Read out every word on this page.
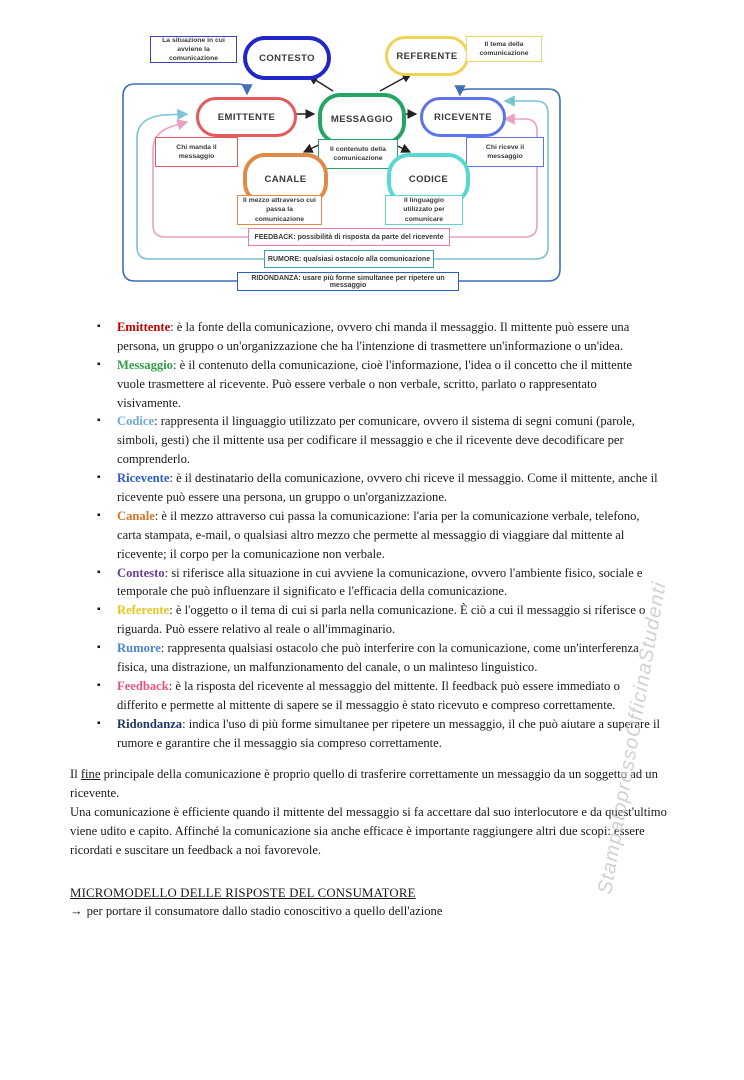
La situazione in cui avviene la comunicazione	CONTESTO	REFERENTE
Il tema della comunicazione
EMITTENTE	MESSAGGIO	RICEVENTE
Chi manda il messaggio
Il contenuto della comunicazione
Chi riceve il messaggio
CANALE	CODICE
Il mezzo attraverso cui passa la comunicazione
Il linguaggio utilizzato per comunicare
FEEDBACK: possibilità di risposta da parte del ricevente
RUMORE: qualsiasi ostacolo alla comunicazione
RIDONDANZA: usare più forme simultanee per ripetere un messaggio
▪ Emittente: è la fonte della comunicazione, ovvero chi manda il messaggio. Il mittente può essere una persona, un gruppo o un'organizzazione che ha l'intenzione di trasmettere un'informazione o un'idea.
▪ Messaggio: è il contenuto della comunicazione, cioè l'informazione, l'idea o il concetto che il mittente vuole trasmettere al ricevente. Può essere verbale o non verbale, scritto, parlato o rappresentato visivamente.
▪ Codice: rappresenta il linguaggio utilizzato per comunicare, ovvero il sistema di segni comuni (parole, simboli, gesti) che il mittente usa per codificare il messaggio e che il ricevente deve decodificare per comprenderlo.
▪ Ricevente: è il destinatario della comunicazione, ovvero chi riceve il messaggio. Come il mittente, anche il ricevente può essere una persona, un gruppo o un'organizzazione.
▪ Canale: è il mezzo attraverso cui passa la comunicazione: l'aria per la comunicazione verbale, telefono, carta stampata, e-mail, o qualsiasi altro mezzo che permette al messaggio di viaggiare dal mittente al ricevente; il corpo per la comunicazione non verbale.
▪ Contesto: si riferisce alla situazione in cui avviene la comunicazione, ovvero l'ambiente fisico, sociale e temporale che può influenzare il significato e l'efficacia della comunicazione.
▪ Referente: è l'oggetto o il tema di cui si parla nella comunicazione. È ciò a cui il messaggio si riferisce o riguarda. Può essere relativo al reale o all'immaginario.
▪ Rumore: rappresenta qualsiasi ostacolo che può interferire con la comunicazione, come un'interferenza fisica, una distrazione, un malfunzionamento del canale, o un malinteso linguistico.
▪ Feedback: è la risposta del ricevente al messaggio del mittente. Il feedback può essere immediato o differito e permette al mittente di sapere se il messaggio è stato ricevuto e compreso correttamente.
▪ Ridondanza: indica l'uso di più forme simultanee per ripetere un messaggio, il che può aiutare a superare il rumore e garantire che il messaggio sia compreso correttamente.

Il fine principale della comunicazione è proprio quello di trasferire correttamente un messaggio da un soggetto ad un ricevente.

Una comunicazione è efficiente quando il mittente del messaggio si fa accettare dal suo interlocutore e da quest'ultimo viene udito e capito. Affinché la comunicazione sia anche efficace è importante raggiungere altri due scopi: essere ricordati e suscitare un feedback a noi favorevole.

MICROMODELLO DELLE RISPOSTE DEL CONSUMATORE
→ per portare il consumatore dallo stadio conoscitivo a quello dell'azione
StampatopressoOfficinaStudenti
